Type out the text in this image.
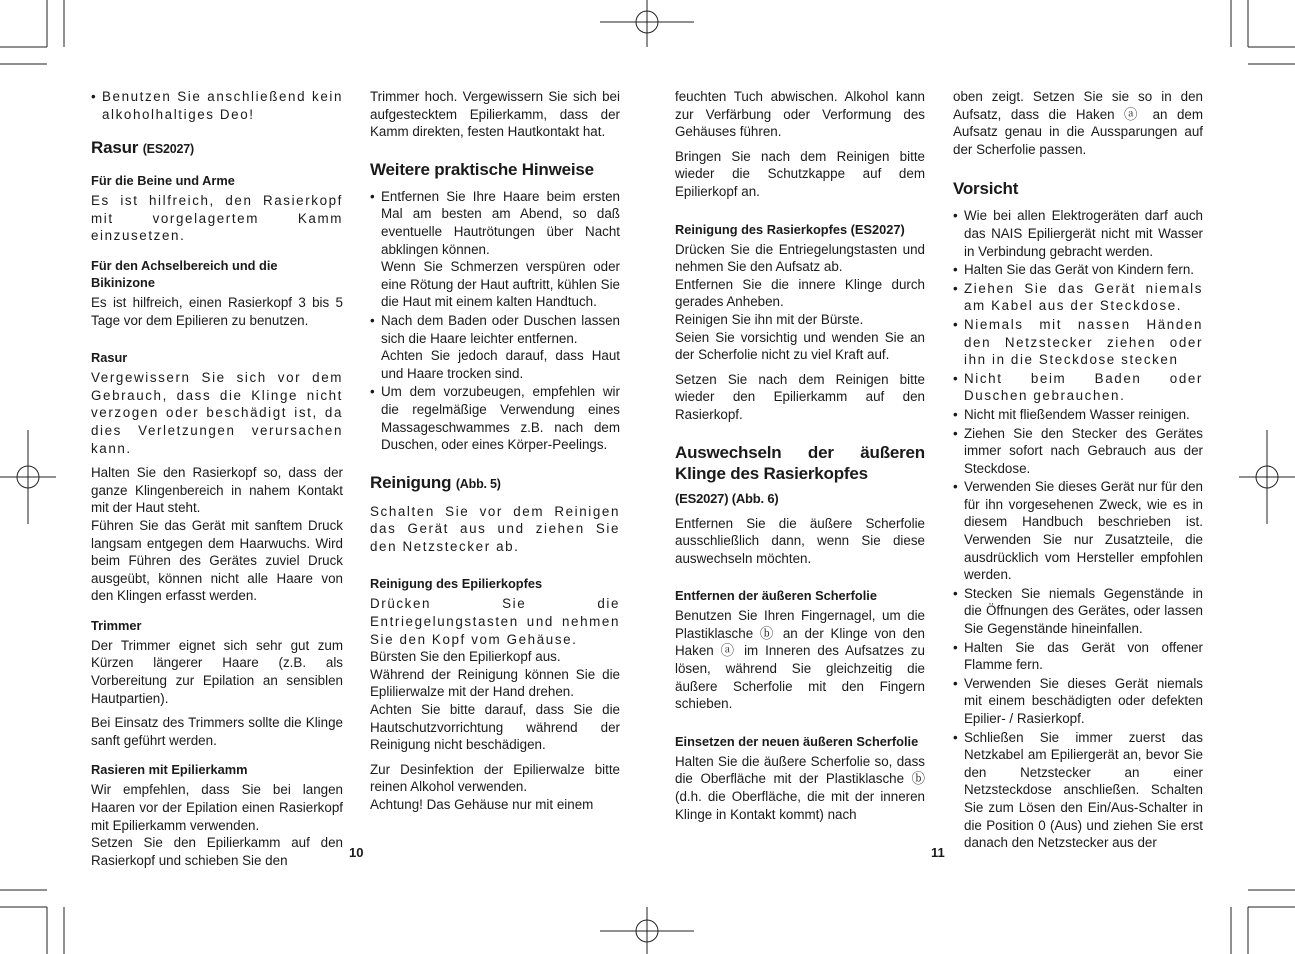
• Benutzen Sie anschließend kein alkoholhaltiges Deo!
Rasur (ES2027)
Für die Beine und Arme

Es ist hilfreich, den Rasierkopf mit vorgelagertem Kamm einzusetzen.

Für den Achselbereich und die Bikinizone

Es ist hilfreich, einen Rasierkopf 3 bis 5 Tage vor dem Epilieren zu benutzen.

Rasur

Vergewissern Sie sich vor dem Gebrauch, dass die Klinge nicht verzogen oder beschädigt ist, da dies Verletzungen verursachen kann.

Halten Sie den Rasierkopf so, dass der ganze Klingenbereich in nahem Kontakt mit der Haut steht.

Führen Sie das Gerät mit sanftem Druck langsam entgegen dem Haarwuchs. Wird beim Führen des Gerätes zuviel Druck ausgeübt, können nicht alle Haare von den Klingen erfasst werden.

Trimmer

Der Trimmer eignet sich sehr gut zum Kürzen längerer Haare (z.B. als Vorbereitung zur Epilation an sensiblen Hautpartien).

Bei Einsatz des Trimmers sollte die Klinge sanft geführt werden.

Rasieren mit Epilierkamm

Wir empfehlen, dass Sie bei langen Haaren vor der Epilation einen Rasierkopf mit Epilierkamm verwenden.

Setzen Sie den Epilierkamm auf den Rasierkopf und schieben Sie den

Trimmer hoch. Vergewissern Sie sich bei aufgestecktem Epilierkamm, dass der Kamm direkten, festen Hautkontakt hat.

Weitere praktische Hinweise
• Entfernen Sie Ihre Haare beim ersten Mal am besten am Abend, so daß eventuelle Hautrötungen über Nacht abklingen können.
Wenn Sie Schmerzen verspüren oder eine Rötung der Haut auftritt, kühlen Sie die Haut mit einem kalten Handtuch.
• Nach dem Baden oder Duschen lassen sich die Haare leichter entfernen.
Achten Sie jedoch darauf, dass Haut und Haare trocken sind.
• Um dem vorzubeugen, empfehlen wir die regelmäßige Verwendung eines Massageschwammes z.B. nach dem Duschen, oder eines Körper-Peelings.
Reinigung (Abb. 5)

Schalten Sie vor dem Reinigen das Gerät aus und ziehen Sie den Netzstecker ab.

Reinigung des Epilierkopfes

Drücken Sie die Entriegelungstasten und nehmen Sie den Kopf vom Gehäuse.

Bürsten Sie den Epilierkopf aus.

Während der Reinigung können Sie die Eplilierwalze mit der Hand drehen.

Achten Sie bitte darauf, dass Sie die Hautschutzvorrichtung während der Reinigung nicht beschädigen.

Zur Desinfektion der Epilierwalze bitte reinen Alkohol verwenden.

Achtung! Das Gehäuse nur mit einem

feuchten Tuch abwischen. Alkohol kann zur Verfärbung oder Verformung des Gehäuses führen.

Bringen Sie nach dem Reinigen bitte wieder die Schutzkappe auf dem Epilierkopf an.

Reinigung des Rasierkopfes (ES2027)

Drücken Sie die Entriegelungstasten und nehmen Sie den Aufsatz ab.

Entfernen Sie die innere Klinge durch gerades Anheben.

Reinigen Sie ihn mit der Bürste.

Seien Sie vorsichtig und wenden Sie an der Scherfolie nicht zu viel Kraft auf.

Setzen Sie nach dem Reinigen bitte wieder den Epilierkamm auf den Rasierkopf.

Auswechseln der äußeren Klinge des Rasierkopfes
(ES2027) (Abb. 6)

Entfernen Sie die äußere Scherfolie ausschließlich dann, wenn Sie diese auswechseln möchten.

Entfernen der äußeren Scherfolie

Benutzen Sie Ihren Fingernagel, um die Plastiklasche ⓑ an der Klinge von den Haken ⓐ im Inneren des Aufsatzes zu lösen, während Sie gleichzeitig die äußere Scherfolie mit den Fingern schieben.

Einsetzen der neuen äußeren Scherfolie

Halten Sie die äußere Scherfolie so, dass die Oberfläche mit der Plastiklasche ⓑ (d.h. die Oberfläche, die mit der inneren Klinge in Kontakt kommt) nach

oben zeigt. Setzen Sie sie so in den Aufsatz, dass die Haken ⓐ an dem Aufsatz genau in die Aussparungen auf der Scherfolie passen.

Vorsicht
• Wie bei allen Elektrogeräten darf auch das NAIS Epiliergerät nicht mit Wasser in Verbindung gebracht werden.
• Halten Sie das Gerät von Kindern fern.
• Ziehen Sie das Gerät niemals am Kabel aus der Steckdose.
• Niemals mit nassen Händen den Netzstecker ziehen oder ihn in die Steckdose stecken
• Nicht beim Baden oder Duschen gebrauchen.
• Nicht mit fließendem Wasser reinigen.
• Ziehen Sie den Stecker des Gerätes immer sofort nach Gebrauch aus der Steckdose.
• Verwenden Sie dieses Gerät nur für den für ihn vorgesehenen Zweck, wie es in diesem Handbuch beschrieben ist. Verwenden Sie nur Zusatzteile, die ausdrücklich vom Hersteller empfohlen werden.
• Stecken Sie niemals Gegenstände in die Öffnungen des Gerätes, oder lassen Sie Gegenstände hineinfallen.
• Halten Sie das Gerät von offener Flamme fern.
• Verwenden Sie dieses Gerät niemals mit einem beschädigten oder defekten Epilier- / Rasierkopf.
• Schließen Sie immer zuerst das Netzkabel am Epiliergerät an, bevor Sie den Netzstecker an einer Netzsteckdose anschließen. Schalten Sie zum Lösen den Ein/Aus-Schalter in die Position 0 (Aus) und ziehen Sie erst danach den Netzstecker aus der
10	11
